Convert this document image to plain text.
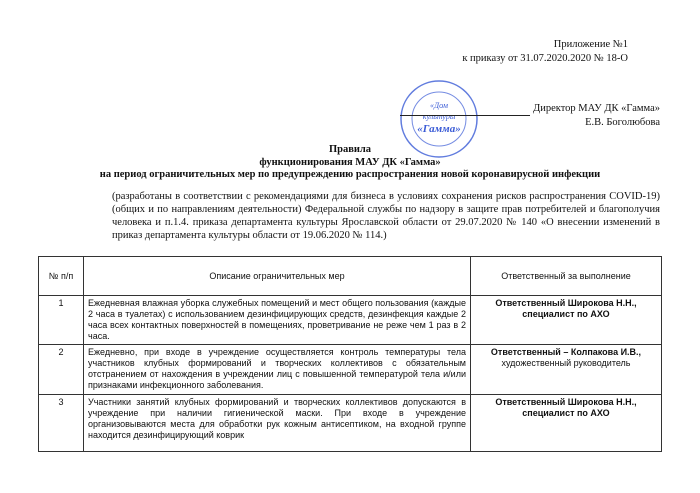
Приложение №1
к приказу от 31.07.2020.2020 № 18-О
«Дом
культуры
«Гамма»
Директор МАУ ДК «Гамма»
Е.В. Боголюбова
Правила
функционирования МАУ ДК «Гамма»
на период ограничительных мер по предупреждению распространения новой коронавирусной инфекции
(разработаны в соответствии с рекомендациями для бизнеса в условиях сохранения рисков распространения COVID-19) (общих и по направлениям деятельности) Федеральной службы по надзору в защите прав потребителей и благополучия человека и п.1.4. приказа департамента культуры Ярославской области от 29.07.2020 № 140 «О внесении изменений в приказ департамента культуры области от 19.06.2020 № 114.)
№ п/п	Описание ограничительных мер	Ответственный за выполнение
1	Ежедневная влажная уборка служебных помещений и мест общего пользования (каждые 2 часа в туалетах) с использованием дезинфицирующих средств, дезинфекция каждые 2 часа всех контактных поверхностей в помещениях, проветривание не реже чем 1 раз в 2 часа.	Ответственный Широкова Н.Н., специалист по АХО

2	Ежедневно, при входе в учреждение осуществляется контроль температуры тела участников клубных формирований и творческих коллективов с обязательным отстранением от нахождения в учреждении лиц с повышенной температурой тела и/или признаками инфекционного заболевания.	Ответственный – Колпакова И.В.,
художественный руководитель

3	Участники занятий клубных формирований и творческих коллективов допускаются в учреждение при наличии гигиенической маски. При входе в учреждение организовываются места для обработки рук кожным антисептиком, на входной группе находится дезинфицирующий коврик	Ответственный Широкова Н.Н., специалист по АХО
